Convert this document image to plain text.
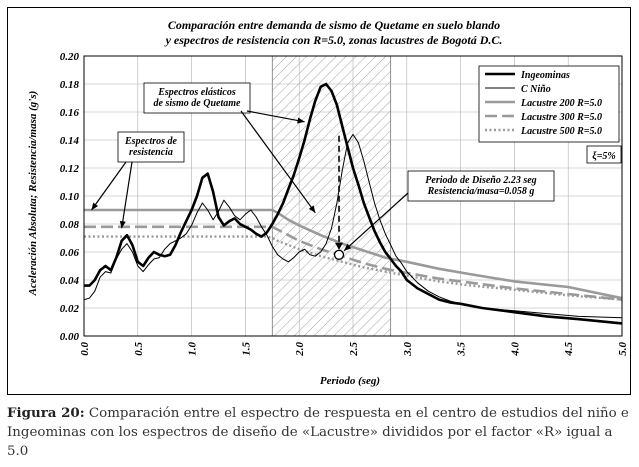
0.0	0.5	1.0	1.5	2.0	2.5	3.0	3.5	4.0	4.5	5.0
0.00
0.02
0.04
0.06
0.08
0.10
0.12
0.14
0.16
0.18
0.20
Espectros elásticos
de sismo de Quetame
Espectros de
resistencia
Periodo de Diseño 2.23 seg
Resistencia/masa=0.058 g
ξ=5%
Ingeominas
C Niño
Lacustre 200 R=5.0
Lacustre 300 R=5.0
Lacustre 500 R=5.0
Comparación entre demanda de sismo de Quetame en suelo blando
y espectros de resistencia con R=5.0, zonas lacustres de Bogotá D.C.
Periodo (seg)
Aceleración Absoluta; Resistencia/masa (g's)
Figura 20: Comparación entre el espectro de respuesta en el centro de estudios del niño e Ingeominas con los espectros de diseño de «Lacustre» divididos por el factor «R» igual a 5.0
